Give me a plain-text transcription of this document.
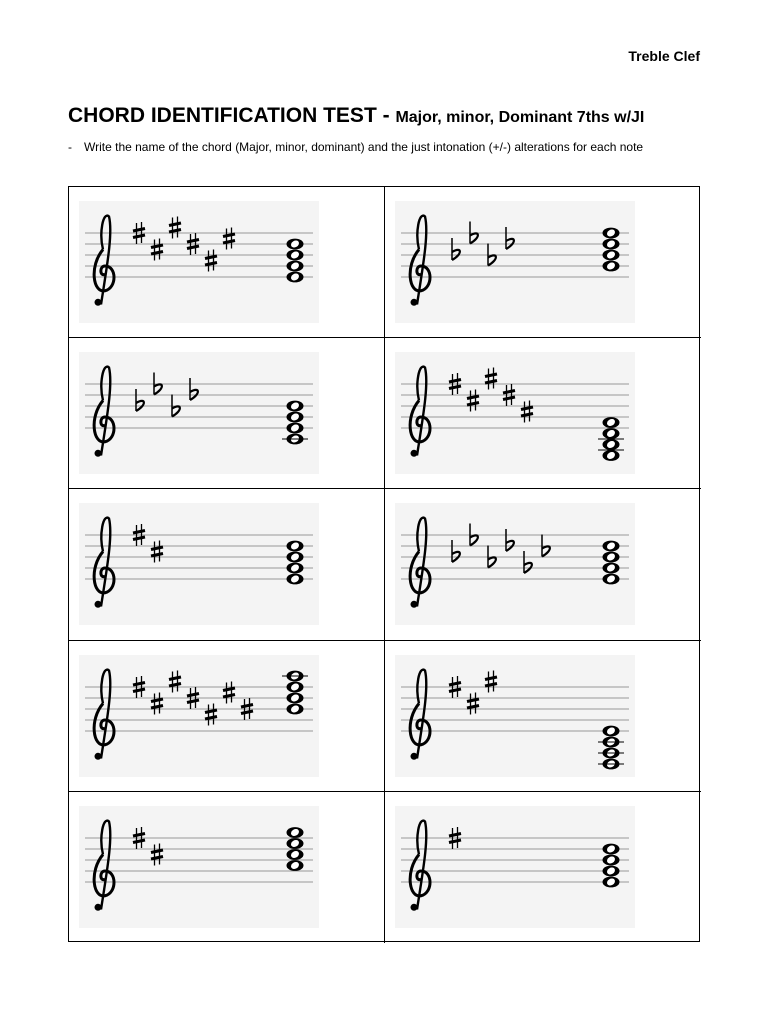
Treble Clef
CHORD IDENTIFICATION TEST - Major, minor, Dominant 7ths w/JI
- Write the name of the chord (Major, minor, dominant) and the just intonation (+/-) alterations for each note
